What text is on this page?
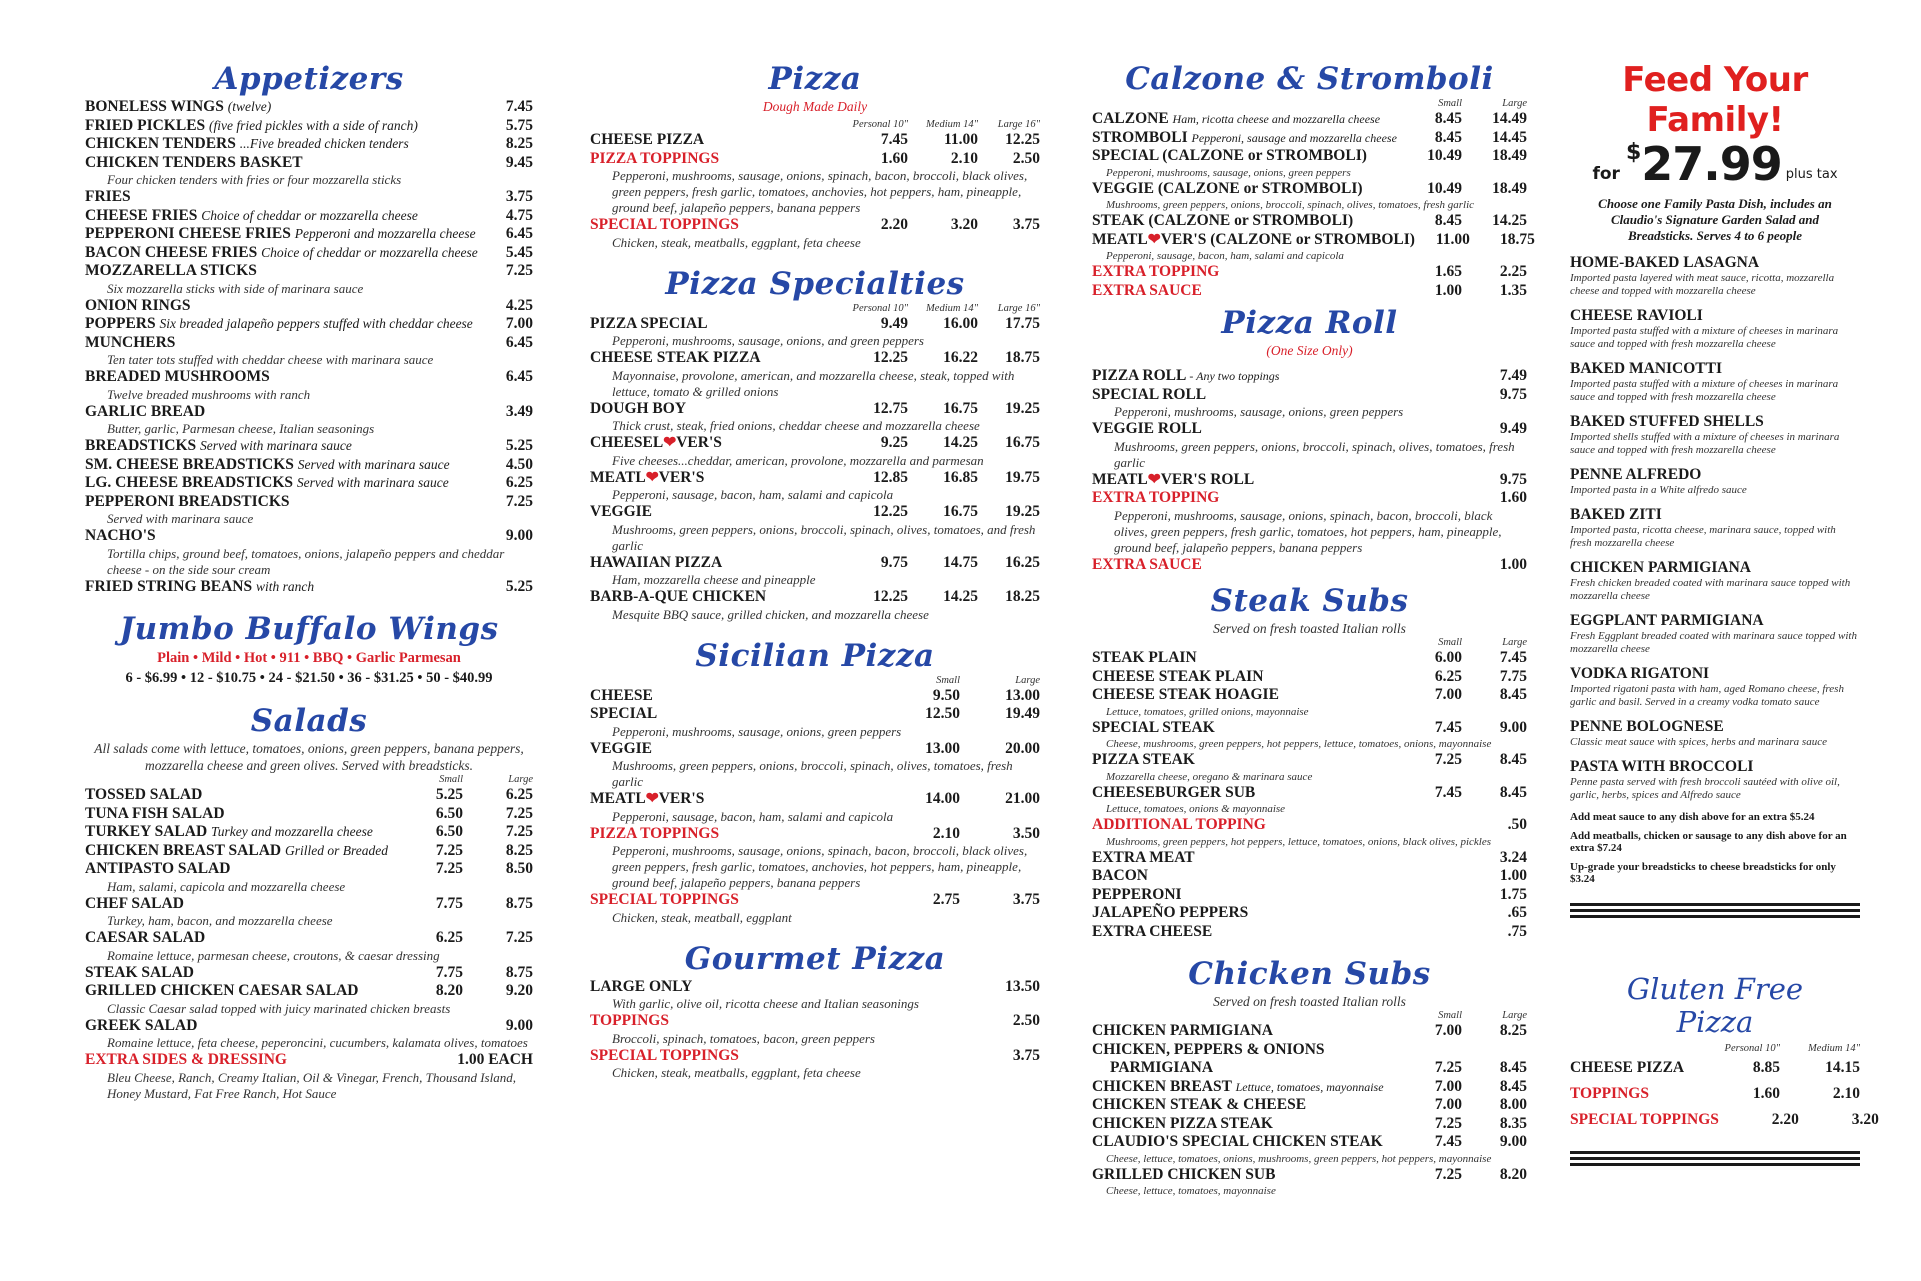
Appetizers
BONELESS WINGS (twelve)	7.45
FRIED PICKLES (five fried pickles with a side of ranch)	5.75
CHICKEN TENDERS ...Five breaded chicken tenders	8.25
CHICKEN TENDERS BASKET	9.45
Four chicken tenders with fries or four mozzarella sticks
FRIES	3.75
CHEESE FRIES Choice of cheddar or mozzarella cheese	4.75
PEPPERONI CHEESE FRIES Pepperoni and mozzarella cheese	6.45
BACON CHEESE FRIES Choice of cheddar or mozzarella cheese	5.45
MOZZARELLA STICKS	7.25
Six mozzarella sticks with side of marinara sauce
ONION RINGS	4.25
POPPERS Six breaded jalapeño peppers stuffed with cheddar cheese	7.00
MUNCHERS	6.45
Ten tater tots stuffed with cheddar cheese with marinara sauce
BREADED MUSHROOMS	6.45
Twelve breaded mushrooms with ranch
GARLIC BREAD	3.49
Butter, garlic, Parmesan cheese, Italian seasonings
BREADSTICKS Served with marinara sauce	5.25
SM. CHEESE BREADSTICKS Served with marinara sauce	4.50
LG. CHEESE BREADSTICKS Served with marinara sauce	6.25
PEPPERONI BREADSTICKS	7.25
Served with marinara sauce
NACHO'S	9.00
Tortilla chips, ground beef, tomatoes, onions, jalapeño peppers and cheddar cheese - on the side sour cream
FRIED STRING BEANS with ranch	5.25
Jumbo Buffalo Wings
Plain • Mild • Hot • 911 • BBQ • Garlic Parmesan
6 - $6.99 • 12 - $10.75 • 24 - $21.50 • 36 - $31.25 • 50 - $40.99
Salads
All salads come with lettuce, tomatoes, onions, green peppers, banana peppers, mozzarella cheese and green olives. Served with breadsticks.
Small	Large
TOSSED SALAD	5.25	6.25
TUNA FISH SALAD	6.50	7.25
TURKEY SALAD Turkey and mozzarella cheese	6.50	7.25
CHICKEN BREAST SALAD Grilled or Breaded	7.25	8.25
ANTIPASTO SALAD	7.25	8.50
Ham, salami, capicola and mozzarella cheese
CHEF SALAD	7.75	8.75
Turkey, ham, bacon, and mozzarella cheese
CAESAR SALAD	6.25	7.25
Romaine lettuce, parmesan cheese, croutons, & caesar dressing
STEAK SALAD	7.75	8.75
GRILLED CHICKEN CAESAR SALAD	8.20	9.20
Classic Caesar salad topped with juicy marinated chicken breasts
GREEK SALAD	9.00
Romaine lettuce, feta cheese, peperoncini, cucumbers, kalamata olives, tomatoes
EXTRA SIDES & DRESSING	1.00 EACH
Bleu Cheese, Ranch, Creamy Italian, Oil & Vinegar, French, Thousand Island, Honey Mustard, Fat Free Ranch, Hot Sauce
Pizza
Dough Made Daily
Personal 10"	Medium 14"	Large 16"
CHEESE PIZZA	7.45	11.00	12.25
PIZZA TOPPINGS	1.60	2.10	2.50
Pepperoni, mushrooms, sausage, onions, spinach, bacon, broccoli, black olives, green peppers, fresh garlic, tomatoes, anchovies, hot peppers, ham, pineapple, ground beef, jalapeño peppers, banana peppers
SPECIAL TOPPINGS	2.20	3.20	3.75
Chicken, steak, meatballs, eggplant, feta cheese
Pizza Specialties
Personal 10"	Medium 14"	Large 16"
PIZZA SPECIAL	9.49	16.00	17.75
Pepperoni, mushrooms, sausage, onions, and green peppers
CHEESE STEAK PIZZA	12.25	16.22	18.75
Mayonnaise, provolone, american, and mozzarella cheese, steak, topped with lettuce, tomato & grilled onions
DOUGH BOY	12.75	16.75	19.25
Thick crust, steak, fried onions, cheddar cheese and mozzarella cheese
CHEESEL❤VER'S	9.25	14.25	16.75
Five cheeses...cheddar, american, provolone, mozzarella and parmesan
MEATL❤VER'S	12.85	16.85	19.75
Pepperoni, sausage, bacon, ham, salami and capicola
VEGGIE	12.25	16.75	19.25
Mushrooms, green peppers, onions, broccoli, spinach, olives, tomatoes, and fresh garlic
HAWAIIAN PIZZA	9.75	14.75	16.25
Ham, mozzarella cheese and pineapple
BARB-A-QUE CHICKEN	12.25	14.25	18.25
Mesquite BBQ sauce, grilled chicken, and mozzarella cheese
Sicilian Pizza
Small	Large
CHEESE	9.50	13.00
SPECIAL	12.50	19.49
Pepperoni, mushrooms, sausage, onions, green peppers
VEGGIE	13.00	20.00
Mushrooms, green peppers, onions, broccoli, spinach, olives, tomatoes, fresh garlic
MEATL❤VER'S	14.00	21.00
Pepperoni, sausage, bacon, ham, salami and capicola
PIZZA TOPPINGS	2.10	3.50
Pepperoni, mushrooms, sausage, onions, spinach, bacon, broccoli, black olives, green peppers, fresh garlic, tomatoes, anchovies, hot peppers, ham, pineapple, ground beef, jalapeño peppers, banana peppers
SPECIAL TOPPINGS	2.75	3.75
Chicken, steak, meatball, eggplant
Gourmet Pizza
LARGE ONLY	13.50
With garlic, olive oil, ricotta cheese and Italian seasonings
TOPPINGS	2.50
Broccoli, spinach, tomatoes, bacon, green peppers
SPECIAL TOPPINGS	3.75
Chicken, steak, meatballs, eggplant, feta cheese
Calzone & Stromboli
Small	Large
CALZONE Ham, ricotta cheese and mozzarella cheese	8.45	14.49
STROMBOLI Pepperoni, sausage and mozzarella cheese	8.45	14.45
SPECIAL (CALZONE or STROMBOLI)	10.49	18.49
Pepperoni, mushrooms, sausage, onions, green peppers
VEGGIE (CALZONE or STROMBOLI)	10.49	18.49
Mushrooms, green peppers, onions, broccoli, spinach, olives, tomatoes, fresh garlic
STEAK (CALZONE or STROMBOLI)	8.45	14.25
MEATL❤VER'S (CALZONE or STROMBOLI)	11.00	18.75
Pepperoni, sausage, bacon, ham, salami and capicola
EXTRA TOPPING	1.65	2.25
EXTRA SAUCE	1.00	1.35
Pizza Roll
(One Size Only)
PIZZA ROLL - Any two toppings	7.49
SPECIAL ROLL	9.75
Pepperoni, mushrooms, sausage, onions, green peppers
VEGGIE ROLL	9.49
Mushrooms, green peppers, onions, broccoli, spinach, olives, tomatoes, fresh garlic
MEATL❤VER'S ROLL	9.75
EXTRA TOPPING	1.60
Pepperoni, mushrooms, sausage, onions, spinach, bacon, broccoli, black olives, green peppers, fresh garlic, tomatoes, hot peppers, ham, pineapple, ground beef, jalapeño peppers, banana peppers
EXTRA SAUCE	1.00
Steak Subs
Served on fresh toasted Italian rolls
Small	Large
STEAK PLAIN	6.00	7.45
CHEESE STEAK PLAIN	6.25	7.75
CHEESE STEAK HOAGIE	7.00	8.45
Lettuce, tomatoes, grilled onions, mayonnaise
SPECIAL STEAK	7.45	9.00
Cheese, mushrooms, green peppers, hot peppers, lettuce, tomatoes, onions, mayonnaise
PIZZA STEAK	7.25	8.45
Mozzarella cheese, oregano & marinara sauce
CHEESEBURGER SUB	7.45	8.45
Lettuce, tomatoes, onions & mayonnaise
ADDITIONAL TOPPING	.50
Mushrooms, green peppers, hot peppers, lettuce, tomatoes, onions, black olives, pickles
EXTRA MEAT	3.24
BACON	1.00
PEPPERONI	1.75
JALAPEÑO PEPPERS	.65
EXTRA CHEESE	.75
Chicken Subs
Served on fresh toasted Italian rolls
Small	Large
CHICKEN PARMIGIANA	7.00	8.25
CHICKEN, PEPPERS & ONIONS
PARMIGIANA	7.25	8.45
CHICKEN BREAST Lettuce, tomatoes, mayonnaise	7.00	8.45
CHICKEN STEAK & CHEESE	7.00	8.00
CHICKEN PIZZA STEAK	7.25	8.35
CLAUDIO'S SPECIAL CHICKEN STEAK	7.45	9.00
Cheese, lettuce, tomatoes, onions, mushrooms, green peppers, hot peppers, mayonnaise
GRILLED CHICKEN SUB	7.25	8.20
Cheese, lettuce, tomatoes, mayonnaise
Feed Your Family!
for
$ 27.99 plus tax
Choose one Family Pasta Dish, includes an Claudio's Signature Garden Salad and Breadsticks. Serves 4 to 6 people
HOME-BAKED LASAGNA
Imported pasta layered with meat sauce, ricotta, mozzarella cheese and topped with mozzarella cheese
CHEESE RAVIOLI
Imported pasta stuffed with a mixture of cheeses in marinara sauce and topped with fresh mozzarella cheese
BAKED MANICOTTI
Imported pasta stuffed with a mixture of cheeses in marinara sauce and topped with fresh mozzarella cheese
BAKED STUFFED SHELLS
Imported shells stuffed with a mixture of cheeses in marinara sauce and topped with fresh mozzarella cheese
PENNE ALFREDO
Imported pasta in a White alfredo sauce
BAKED ZITI
Imported pasta, ricotta cheese, marinara sauce, topped with fresh mozzarella cheese
CHICKEN PARMIGIANA
Fresh chicken breaded coated with marinara sauce topped with mozzarella cheese
EGGPLANT PARMIGIANA
Fresh Eggplant breaded coated with marinara sauce topped with mozzarella cheese
VODKA RIGATONI
Imported rigatoni pasta with ham, aged Romano cheese, fresh garlic and basil. Served in a creamy vodka tomato sauce
PENNE BOLOGNESE
Classic meat sauce with spices, herbs and marinara sauce
PASTA WITH BROCCOLI
Penne pasta served with fresh broccoli sautéed with olive oil, garlic, herbs, spices and Alfredo sauce
Add meat sauce to any dish above for an extra $5.24
Add meatballs, chicken or sausage to any dish above for an extra $7.24
Up-grade your breadsticks to cheese breadsticks for only $3.24
Gluten Free
Pizza
Personal 10"	Medium 14"
CHEESE PIZZA	8.85	14.15
TOPPINGS	1.60	2.10
SPECIAL TOPPINGS	2.20	3.20
